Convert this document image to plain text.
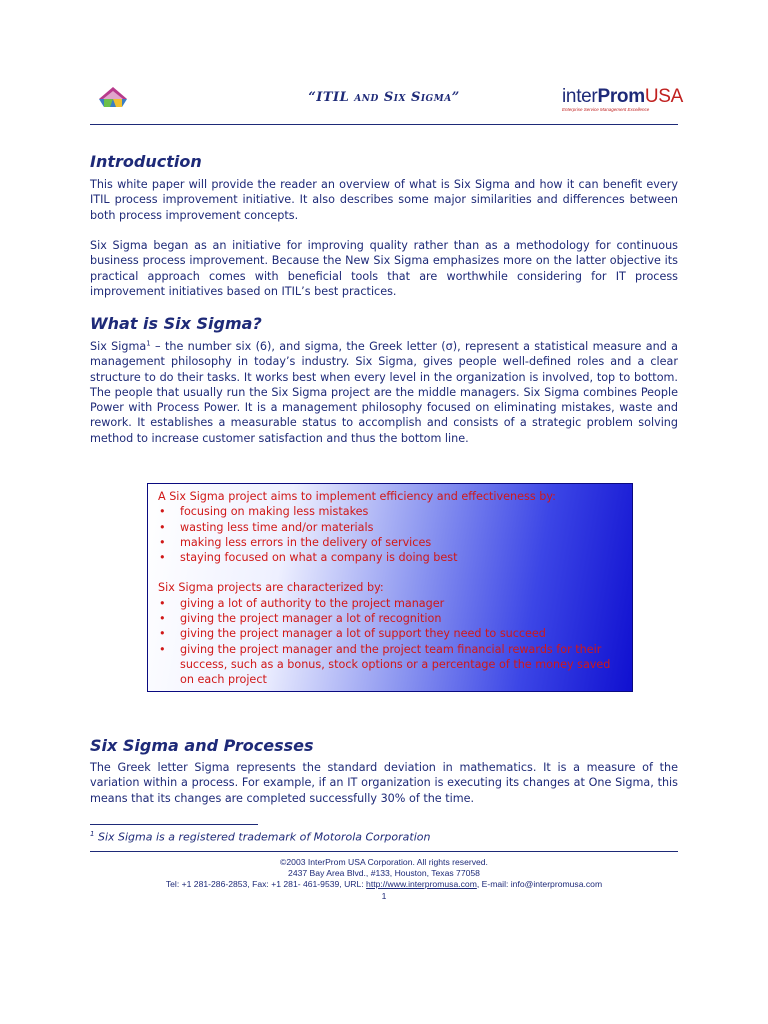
“ITIL and Six Sigma”	interPromUSA
Enterprise Service Management Excellence
Introduction

This white paper will provide the reader an overview of what is Six Sigma and how it can benefit every ITIL process improvement initiative. It also describes some major similarities and differences between both process improvement concepts.

Six Sigma began as an initiative for improving quality rather than as a methodology for continuous business process improvement. Because the New Six Sigma emphasizes more on the latter objective its practical approach comes with beneficial tools that are worthwhile considering for IT process improvement initiatives based on ITIL’s best practices.

What is Six Sigma?

Six Sigma$^1$ – the number six (6), and sigma, the Greek letter (σ), represent a statistical measure and a management philosophy in today’s industry. Six Sigma, gives people well-defined roles and a clear structure to do their tasks. It works best when every level in the organization is involved, top to bottom. The people that usually run the Six Sigma project are the middle managers. Six Sigma combines People Power with Process Power. It is a management philosophy focused on eliminating mistakes, waste and rework. It establishes a measurable status to accomplish and consists of a strategic problem solving method to increase customer satisfaction and thus the bottom line.

A Six Sigma project aims to implement efficiency and effectiveness by:

• focusing on making less mistakes
• wasting less time and/or materials
• making less errors in the delivery of services
• staying focused on what a company is doing best

Six Sigma projects are characterized by:

• giving a lot of authority to the project manager
• giving the project manager a lot of recognition
• giving the project manager a lot of support they need to succeed
• giving the project manager and the project team financial rewards for their success, such as a bonus, stock options or a percentage of the money saved on each project
Six Sigma and Processes

The Greek letter Sigma represents the standard deviation in mathematics. It is a measure of the variation within a process. For example, if an IT organization is executing its changes at One Sigma, this means that its changes are completed successfully 30% of the time.

$^1$ Six Sigma is a registered trademark of Motorola Corporation
©2003 InterProm USA Corporation. All rights reserved.
2437 Bay Area Blvd., #133, Houston, Texas 77058
Tel: +1 281-286-2853, Fax: +1 281- 461-9539, URL: http://www.interpromusa.com, E-mail: info@interpromusa.com
1
